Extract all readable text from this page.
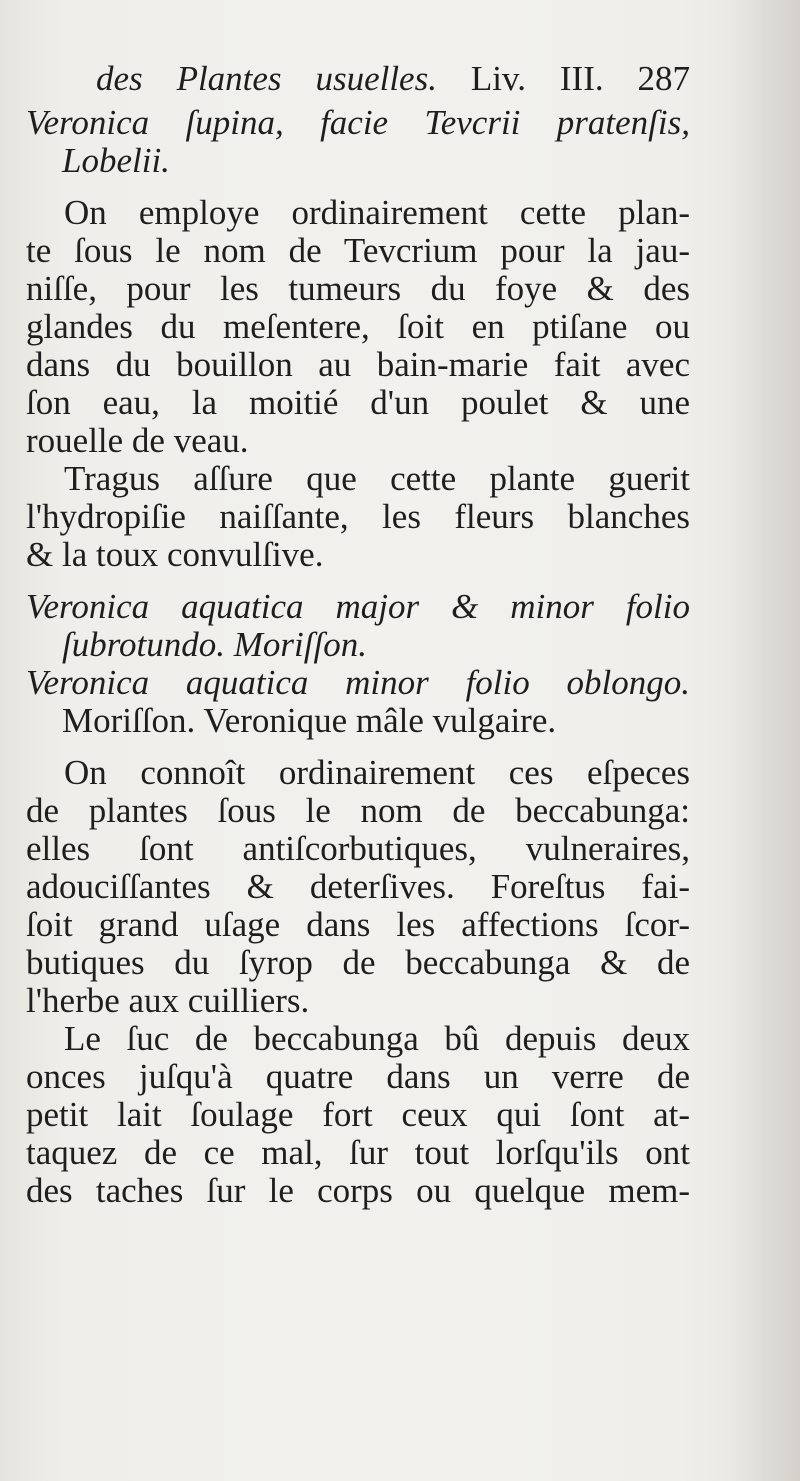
des Plantes usuelles. Liv. III. 287
Veronica ſupina, facie Tevcrii pratenſis,
Lobelii.
On employe ordinairement cette plan-
te ſous le nom de Tevcrium pour la jau-
niſſe, pour les tumeurs du foye & des
glandes du meſentere, ſoit en ptiſane ou
dans du bouillon au bain-marie fait avec
ſon eau, la moitié d'un poulet & une
rouelle de veau.
Tragus aſſure que cette plante guerit
l'hydropiſie naiſſante, les fleurs blanches
& la toux convulſive.
Veronica aquatica major & minor folio
ſubrotundo. Moriſſon.
Veronica aquatica minor folio oblongo.
Moriſſon. Veronique mâle vulgaire.
On connoît ordinairement ces eſpeces
de plantes ſous le nom de beccabunga:
elles ſont antiſcorbutiques, vulneraires,
adouciſſantes & deterſives. Foreſtus fai-
ſoit grand uſage dans les affections ſcor-
butiques du ſyrop de beccabunga & de
l'herbe aux cuilliers.
Le ſuc de beccabunga bû depuis deux
onces juſqu'à quatre dans un verre de
petit lait ſoulage fort ceux qui ſont at-
taquez de ce mal, ſur tout lorſqu'ils ont
des taches ſur le corps ou quelque mem-
